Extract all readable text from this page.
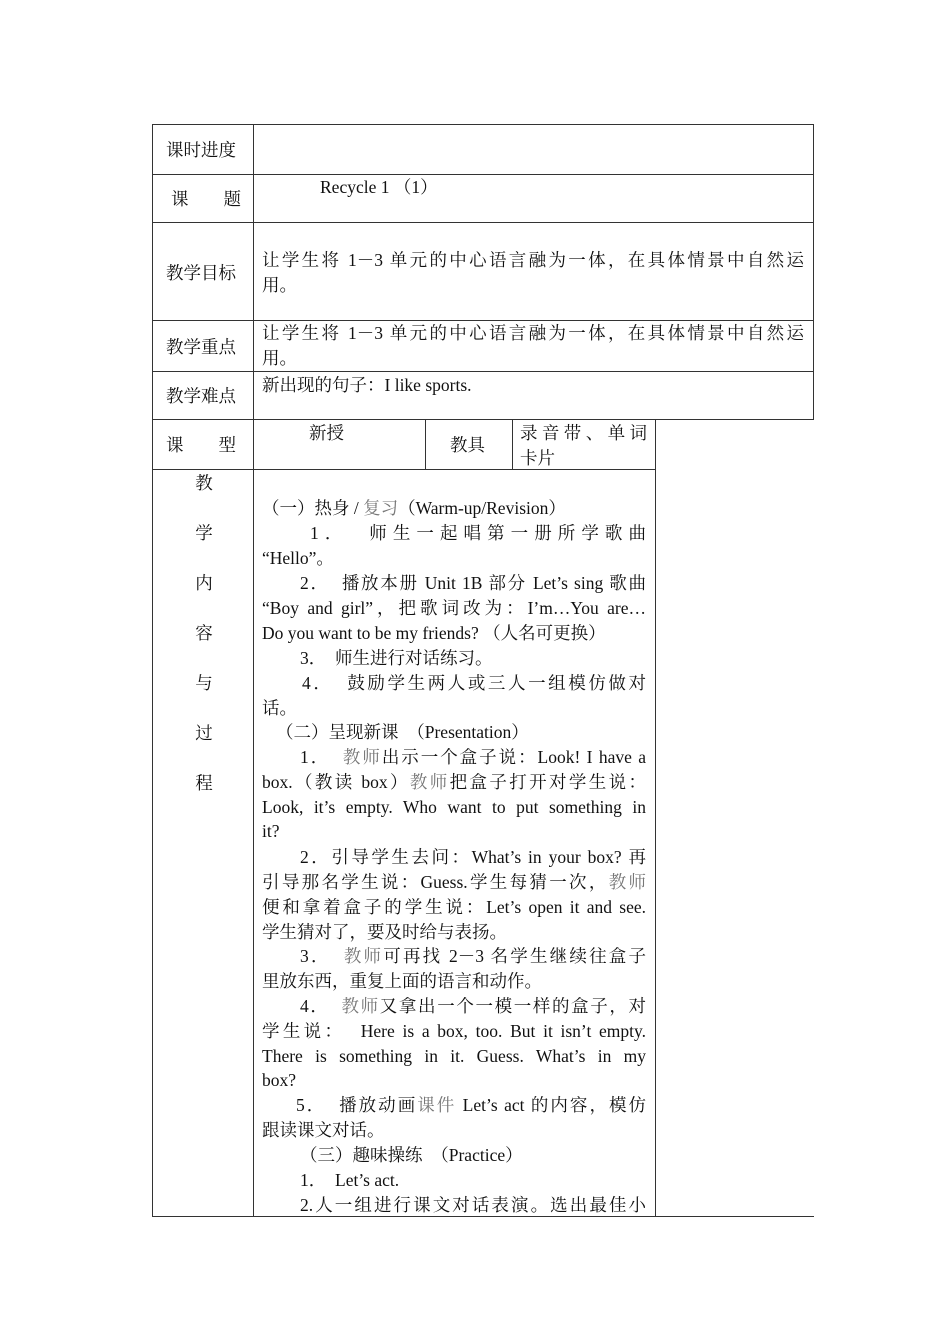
课时进度
课　　题
Recycle 1 （1）
教学目标
让学生将 1－3 单元的中心语言融为一体，在具体情景中自然运
用。
教学重点
让学生将 1－3 单元的中心语言融为一体，在具体情景中自然运
用。
教学难点
新出现的句子：I like sports.
课　　型
新授
教具
录音带、单词
卡片
教
学
内
容
与
过
程
（一）热身 / 复习（Warm-up/Revision）
1．  师生一起唱第一册所学歌曲
“Hello”。
2．  播放本册 Unit 1B 部分 Let’s sing 歌曲
“Boy and girl”，把歌词改为：I’m…You are…
Do you want to be my friends? （人名可更换）
3．  师生进行对话练习。
4．  鼓励学生两人或三人一组模仿做对
话。
（二）呈现新课  （Presentation）
1．  教师出示一个盒子说：Look! I have a
box.（教读 box）教师把盒子打开对学生说：
Look, it’s empty. Who want to put something in
it?
2．引导学生去问：What’s in your box? 再
引导那名学生说：Guess.学生每猜一次，教师
便和拿着盒子的学生说：Let’s open it and see.
学生猜对了，要及时给与表扬。
3．  教师可再找 2－3 名学生继续往盒子
里放东西，重复上面的语言和动作。
4．  教师又拿出一个一模一样的盒子，对
学生说：  Here is a box, too. But it isn’t empty.
There is something in it. Guess. What’s in my
box?
5．  播放动画课件 Let’s act 的内容，模仿
跟读课文对话。
（三）趣味操练  （Practice）
1．  Let’s act.
2.人一组进行课文对话表演。选出最佳小
